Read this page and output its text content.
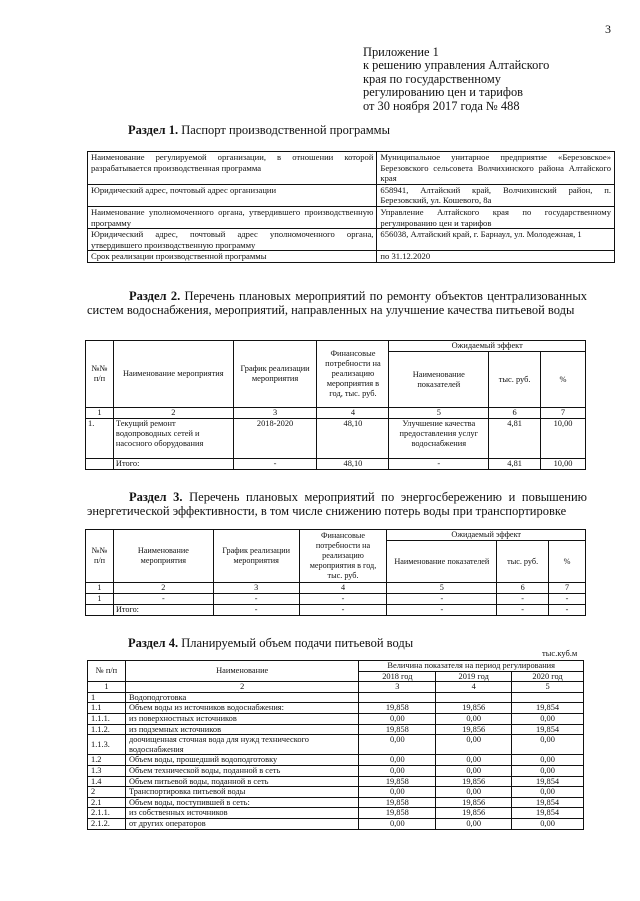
3
Приложение 1
к решению управления Алтайского
края по государственному
регулированию цен и тарифов
от 30 ноября 2017 года № 488
Раздел 1. Паспорт производственной программы
Наименование регулируемой организации, в отношении которой разрабатывается производственная программа	Муниципальное унитарное предприятие «Березовское» Березовского сельсовета Волчихинского района Алтайского края
Юридический адрес, почтовый адрес организации	658941, Алтайский край, Волчихинский район, п. Березовский, ул. Кошевого, 8а
Наименование уполномоченного органа, утвердившего производственную программу	Управление Алтайского края по государственному регулированию цен и тарифов
Юридический адрес, почтовый адрес уполномоченного органа, утвердившего производственную программу	656038, Алтайский край, г. Барнаул, ул. Молодежная, 1
Срок реализации производственной программы	по 31.12.2020
Раздел 2. Перечень плановых мероприятий по ремонту объектов централизованных систем водоснабжения, мероприятий, направленных на улучшение качества питьевой воды
№№ п/п	Наименование мероприятия	График реализации мероприятия	Финансовые потребности на реализацию мероприятия в год, тыс. руб.	Ожидаемый эффект		
				Наименование показателей	тыс. руб.	%
1	2	3	4	5	6	7
1.	Текущий ремонт водопроводных сетей и насосного оборудования	2018-2020	48,10	Улучшение качества предоставления услуг водоснабжения	4,81	10,00
	Итого:	-	48,10	-	4,81	10,00
Раздел 3. Перечень плановых мероприятий по энергосбережению и повышению энергетической эффективности, в том числе снижению потерь воды при транспортировке
№№ п/п	Наименование мероприятия	График реализации мероприятия	Финансовые потребности на реализацию мероприятия в год, тыс. руб.	Ожидаемый эффект		
				Наименование показателей	тыс. руб.	%
1	2	3	4	5	6	7
1	-	-	-	-	-	-
	Итого:	-	-	-	-	-
Раздел 4. Планируемый объем подачи питьевой воды
тыс.куб.м
№ п/п	Наименование	Величина показателя на период регулирования		
		2018 год	2019 год	2020 год
1	2	3	4	5
1	Водоподготовка			
1.1	Объем воды из источников водоснабжения:	19,858	19,856	19,854
1.1.1.	из поверхностных источников	0,00	0,00	0,00
1.1.2.	из подземных источников	19,858	19,856	19,854
1.1.3.	доочищенная сточная вода для нужд технического водоснабжения	0,00	0,00	0,00
1.2	Объем воды, прошедший водоподготовку	0,00	0,00	0,00
1.3	Объем технической воды, поданной в сеть	0,00	0,00	0,00
1.4	Объем питьевой воды, поданной в сеть	19,858	19,856	19,854
2	Транспортировка питьевой воды	0,00	0,00	0,00
2.1	Объем воды, поступившей в сеть:	19,858	19,856	19,854
2.1.1.	из собственных источников	19,858	19,856	19,854
2.1.2.	от других операторов	0,00	0,00	0,00
